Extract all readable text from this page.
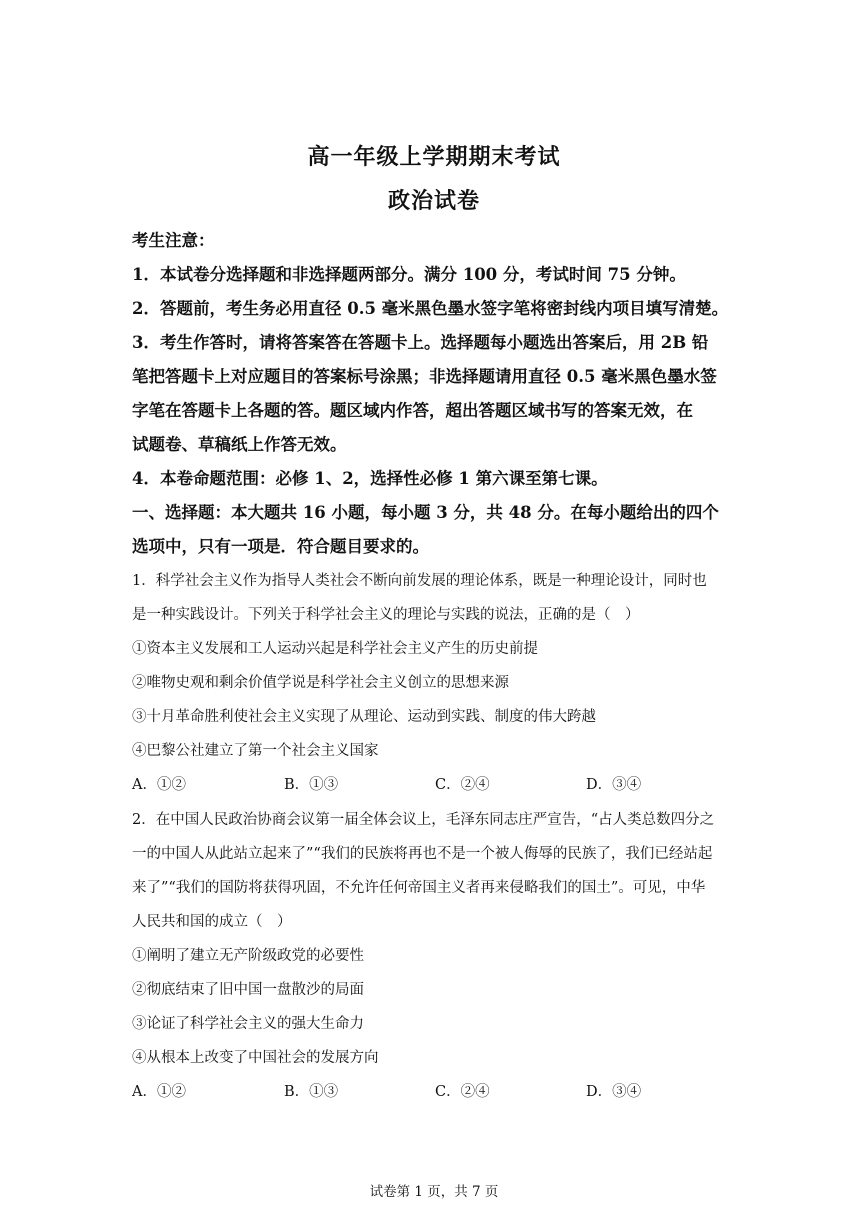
高一年级上学期期末考试
政治试卷
考生注意：
1．本试卷分选择题和非选择题两部分。满分 100 分，考试时间 75 分钟。
2．答题前，考生务必用直径 0.5 毫米黑色墨水签字笔将密封线内项目填写清楚。
3．考生作答时，请将答案答在答题卡上。选择题每小题选出答案后，用 2B 铅
笔把答题卡上对应题目的答案标号涂黑；非选择题请用直径 0.5 毫米黑色墨水签
字笔在答题卡上各题的答。题区域内作答，超出答题区域书写的答案无效，在
试题卷、草稿纸上作答无效。
4．本卷命题范围：必修 1、2，选择性必修 1 第六课至第七课。
一、选择题：本大题共 16 小题，每小题 3 分，共 48 分。在每小题给出的四个
选项中，只有一项是．符合题目要求的。
1．科学社会主义作为指导人类社会不断向前发展的理论体系，既是一种理论设计，同时也
是一种实践设计。下列关于科学社会主义的理论与实践的说法，正确的是（　）
①资本主义发展和工人运动兴起是科学社会主义产生的历史前提
②唯物史观和剩余价值学说是科学社会主义创立的思想来源
③十月革命胜利使社会主义实现了从理论、运动到实践、制度的伟大跨越
④巴黎公社建立了第一个社会主义国家
A．①②	B．①③	C．②④	D．③④
2．在中国人民政治协商会议第一届全体会议上，毛泽东同志庄严宣告，“占人类总数四分之
一的中国人从此站立起来了”“我们的民族将再也不是一个被人侮辱的民族了，我们已经站起
来了”“我们的国防将获得巩固，不允许任何帝国主义者再来侵略我们的国土”。可见，中华
人民共和国的成立（　）
①阐明了建立无产阶级政党的必要性
②彻底结束了旧中国一盘散沙的局面
③论证了科学社会主义的强大生命力
④从根本上改变了中国社会的发展方向
A．①②	B．①③	C．②④	D．③④
试卷第 1 页，共 7 页
